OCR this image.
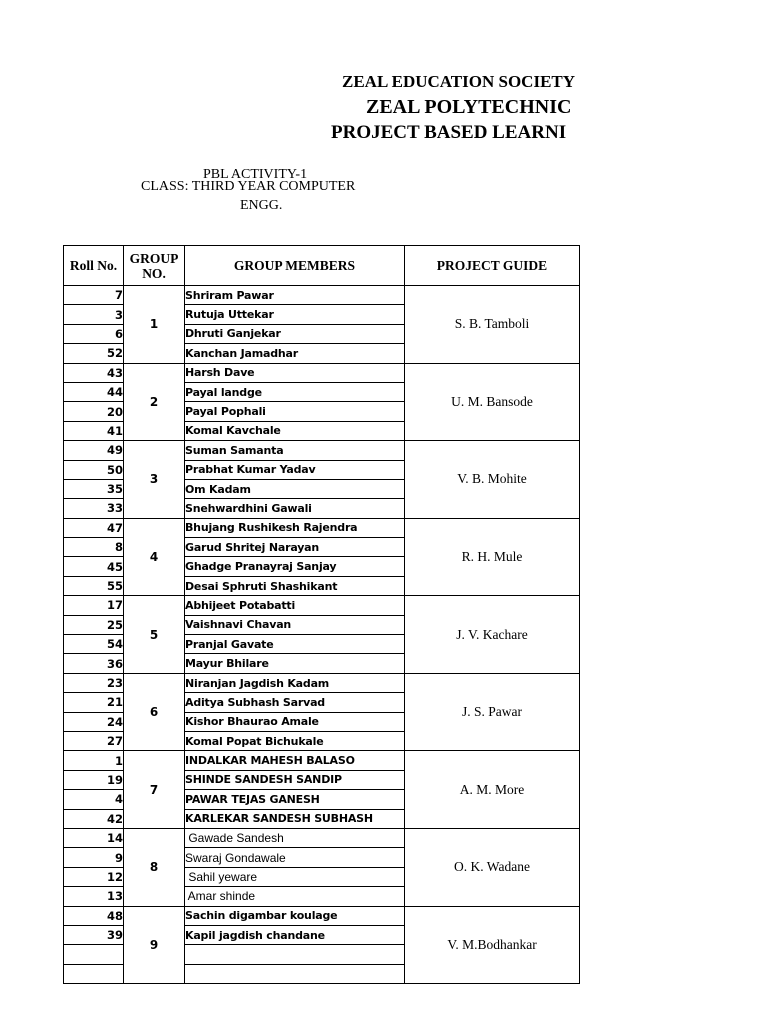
ZEAL EDUCATION SOCIETY
ZEAL POLYTECHNIC
PROJECT BASED LEARNI
PBL ACTIVITY-1
CLASS: THIRD YEAR COMPUTER
ENGG.
Roll No.	GROUP NO.	GROUP MEMBERS	PROJECT GUIDE
7	1	Shriram Pawar	S. B. Tamboli
3		Rutuja Uttekar	
6		Dhruti Ganjekar	
52		Kanchan Jamadhar	
43	2	Harsh Dave	U. M. Bansode
44		Payal landge	
20		Payal Pophali	
41		Komal Kavchale	
49	3	Suman Samanta	V. B. Mohite
50		Prabhat Kumar Yadav	
35		Om Kadam	
33		Snehwardhini Gawali	
47	4	Bhujang Rushikesh Rajendra	R. H. Mule
8		Garud Shritej Narayan	
45		Ghadge Pranayraj Sanjay	
55		Desai Sphruti Shashikant	
17	5	Abhijeet Potabatti	J. V. Kachare
25		Vaishnavi Chavan	
54		Pranjal Gavate	
36		Mayur Bhilare	
23	6	Niranjan Jagdish Kadam	J. S. Pawar
21		Aditya Subhash Sarvad	
24		Kishor Bhaurao Amale	
27		Komal Popat Bichukale	
1	7	INDALKAR MAHESH BALASO	A. M. More
19		SHINDE SANDESH SANDIP	
4		PAWAR TEJAS GANESH	
42		KARLEKAR SANDESH SUBHASH	
14	8	Gawade Sandesh	O. K. Wadane
9		Swaraj Gondawale	
12		Sahil yeware	
13		Amar shinde	
48	9	Sachin digambar koulage	V. M.Bodhankar
39		Kapil jagdish chandane	
